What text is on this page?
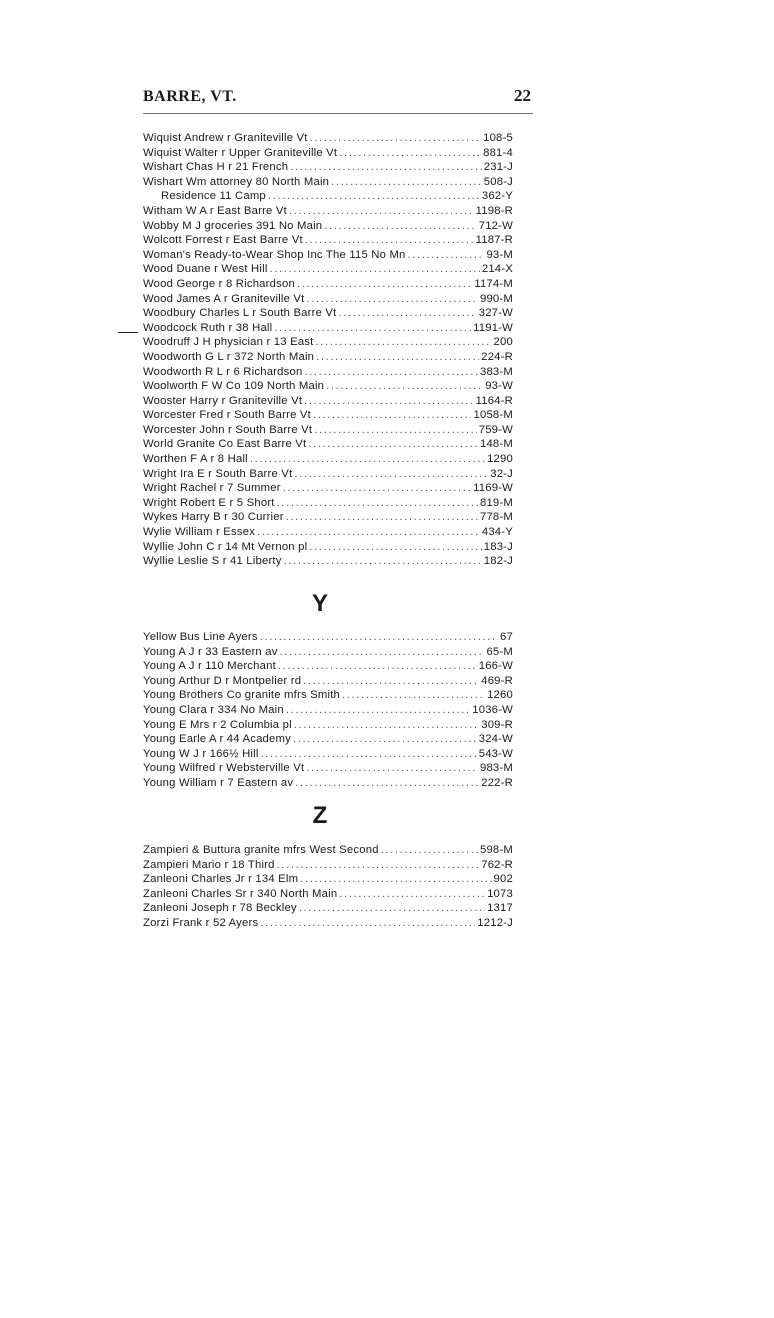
BARRE, VT.	22
Wiquist Andrew r Graniteville Vt .....	108-5
Wiquist Walter r Upper Graniteville Vt .....	881-4
Wishart Chas H r 21 French .....	231-J
Wishart Wm attorney 80 North Main .....	508-J
Residence 11 Camp .....	362-Y
Witham W A r East Barre Vt .....	1198-R
Wobby M J groceries 391 No Main .....	712-W
Wolcott Forrest r East Barre Vt .....	1187-R
Woman's Ready-to-Wear Shop Inc The 115 No Mn .....	93-M
Wood Duane r West Hill .....	214-X
Wood George r 8 Richardson .....	1174-M
Wood James A r Graniteville Vt .....	990-M
Woodbury Charles L r South Barre Vt .....	327-W
Woodcock Ruth r 38 Hall .....	1191-W
Woodruff J H physician r 13 East .....	200
Woodworth G L r 372 North Main .....	224-R
Woodworth R L r 6 Richardson .....	383-M
Woolworth F W Co 109 North Main .....	93-W
Wooster Harry r Graniteville Vt .....	1164-R
Worcester Fred r South Barre Vt .....	1058-M
Worcester John r South Barre Vt .....	759-W
World Granite Co East Barre Vt .....	148-M
Worthen F A r 8 Hall .....	1290
Wright Ira E r South Barre Vt .....	32-J
Wright Rachel r 7 Summer .....	1169-W
Wright Robert E r 5 Short .....	819-M
Wykes Harry B r 30 Currier .....	778-M
Wylie William r Essex .....	434-Y
Wyllie John C r 14 Mt Vernon pl .....	183-J
Wyllie Leslie S r 41 Liberty .....	182-J
Y
Yellow Bus Line Ayers .....	67
Young A J r 33 Eastern av .....	65-M
Young A J r 110 Merchant .....	166-W
Young Arthur D r Montpelier rd .....	469-R
Young Brothers Co granite mfrs Smith .....	1260
Young Clara r 334 No Main .....	1036-W
Young E Mrs r 2 Columbia pl .....	309-R
Young Earle A r 44 Academy .....	324-W
Young W J r 166½ Hill .....	543-W
Young Wilfred r Websterville Vt .....	983-M
Young William r 7 Eastern av .....	222-R
Z
Zampieri & Buttura granite mfrs West Second .....	598-M
Zampieri Mario r 18 Third .....	762-R
Zanleoni Charles Jr r 134 Elm .....	902
Zanleoni Charles Sr r 340 North Main .....	1073
Zanleoni Joseph r 78 Beckley .....	1317
Zorzi Frank r 52 Ayers .....	1212-J
